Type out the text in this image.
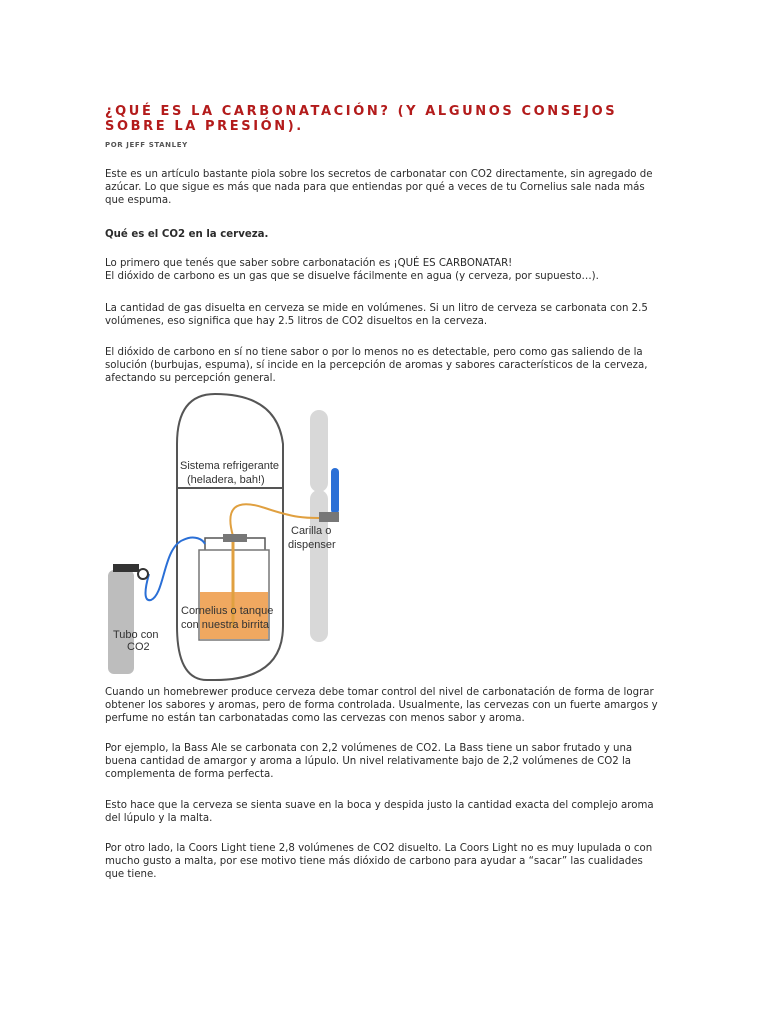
¿QUÉ ES LA CARBONATACIÓN? (Y ALGUNOS CONSEJOS SOBRE LA PRESIÓN).
POR JEFF STANLEY

Este es un artículo bastante piola sobre los secretos de carbonatar con CO2 directamente, sin agregado de azúcar. Lo que sigue es más que nada para que entiendas por qué a veces de tu Cornelius sale nada más que espuma.

Qué es el CO2 en la cerveza.

Lo primero que tenés que saber sobre carbonatación es ¡QUÉ ES CARBONATAR!
El dióxido de carbono es un gas que se disuelve fácilmente en agua (y cerveza, por supuesto…).

La cantidad de gas disuelta en cerveza se mide en volúmenes. Si un litro de cerveza se carbonata con 2.5 volúmenes, eso significa que hay 2.5 litros de CO2 disueltos en la cerveza.

El dióxido de carbono en sí no tiene sabor o por lo menos no es detectable, pero como gas saliendo de la solución (burbujas, espuma), sí incide en la percepción de aromas y sabores característicos de la cerveza, afectando su percepción general.

Sistema refrigerante
(heladera, bah!)
Carilla o
dispenser
Cornelius o tanque
con nuestra birrita
Tubo con
CO2

Cuando un homebrewer produce cerveza debe tomar control del nivel de carbonatación de forma de lograr obtener los sabores y aromas, pero de forma controlada. Usualmente, las cervezas con un fuerte amargos y perfume no están tan carbonatadas como las cervezas con menos sabor y aroma.

Por ejemplo, la Bass Ale se carbonata con 2,2 volúmenes de CO2. La Bass tiene un sabor frutado y una buena cantidad de amargor y aroma a lúpulo. Un nivel relativamente bajo de 2,2 volúmenes de CO2 la complementa de forma perfecta.

Esto hace que la cerveza se sienta suave en la boca y despida justo la cantidad exacta del complejo aroma del lúpulo y la malta.

Por otro lado, la Coors Light tiene 2,8 volúmenes de CO2 disuelto. La Coors Light no es muy lupulada o con mucho gusto a malta, por ese motivo tiene más dióxido de carbono para ayudar a “sacar” las cualidades que tiene.
